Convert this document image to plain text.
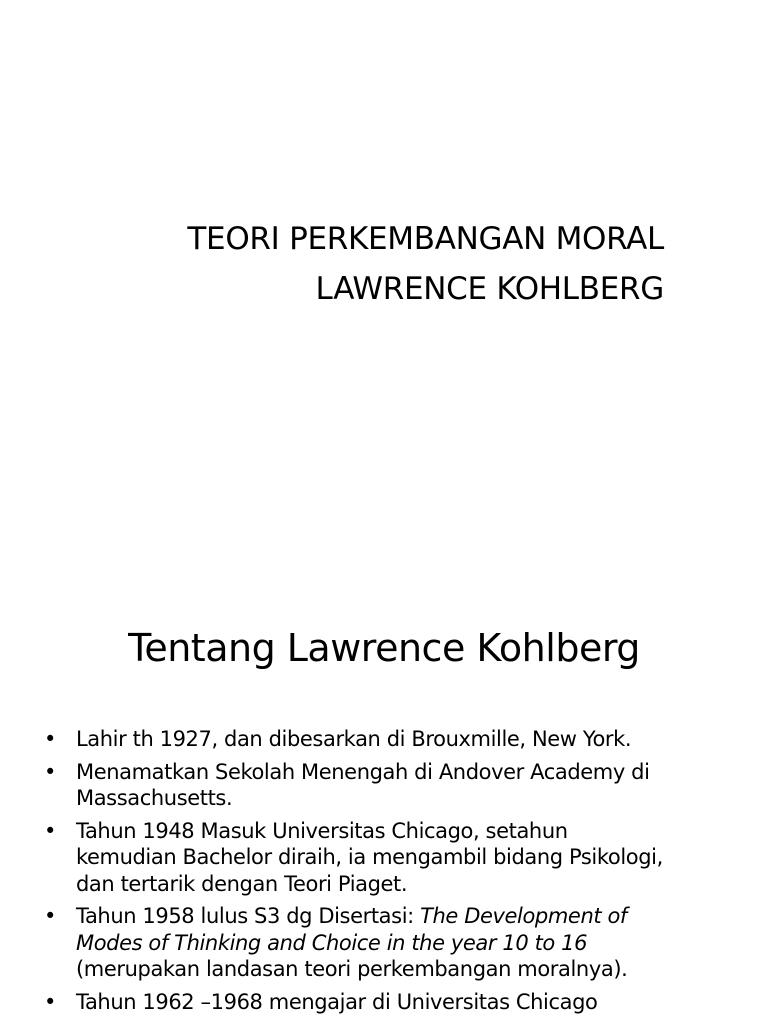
TEORI PERKEMBANGAN MORAL
LAWRENCE KOHLBERG
Tentang Lawrence Kohlberg
• Lahir th 1927, dan dibesarkan di Brouxmille, New York.
• Menamatkan Sekolah Menengah di Andover Academy di
Massachusetts.
• Tahun 1948 Masuk Universitas Chicago, setahun
kemudian Bachelor diraih, ia mengambil bidang Psikologi,
dan tertarik dengan Teori Piaget.
• Tahun 1958 lulus S3 dg Disertasi: The Development of
Modes of Thinking and Choice in the year 10 to 16
(merupakan landasan teori perkembangan moralnya).
• Tahun 1962 –1968 mengajar di Universitas Chicago
